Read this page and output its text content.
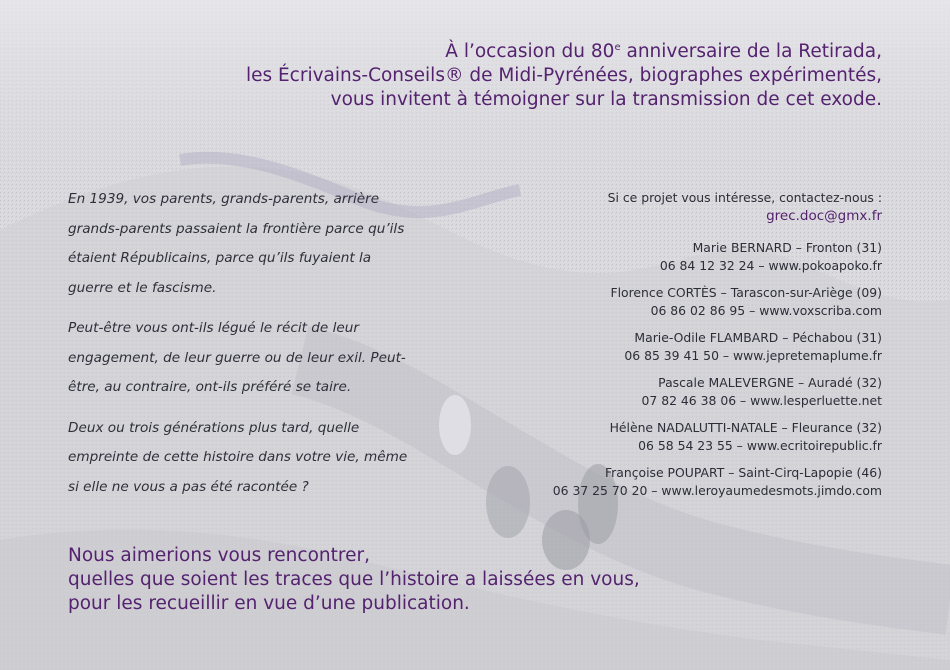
À l’occasion du 80e anniversaire de la Retirada,
les Écrivains-Conseils® de Midi-Pyrénées, biographes expérimentés,
vous invitent à témoigner sur la transmission de cet exode.

En 1939, vos parents, grands-parents, arrière grands-parents passaient la frontière parce qu’ils étaient Républicains, parce qu’ils fuyaient la guerre et le fascisme.

Peut-être vous ont-ils légué le récit de leur engagement, de leur guerre ou de leur exil. Peut-être, au contraire, ont-ils préféré se taire.

Deux ou trois générations plus tard, quelle empreinte de cette histoire dans votre vie, même si elle ne vous a pas été racontée ?

Si ce projet vous intéresse, contactez-nous :
grec.doc@gmx.fr
Marie BERNARD – Fronton (31)
06 84 12 32 24 – www.pokoapoko.fr
Florence CORTÈS – Tarascon-sur-Ariège (09)
06 86 02 86 95 – www.voxscriba.com
Marie-Odile FLAMBARD – Péchabou (31)
06 85 39 41 50 – www.jepretemaplume.fr
Pascale MALEVERGNE – Auradé (32)
07 82 46 38 06 – www.lesperluette.net
Hélène NADALUTTI-NATALE – Fleurance (32)
06 58 54 23 55 – www.ecritoirepublic.fr
Françoise POUPART – Saint-Cirq-Lapopie (46)
06 37 25 70 20 – www.leroyaumedesmots.jimdo.com
Nous aimerions vous rencontrer,
quelles que soient les traces que l’histoire a laissées en vous,
pour les recueillir en vue d’une publication.
